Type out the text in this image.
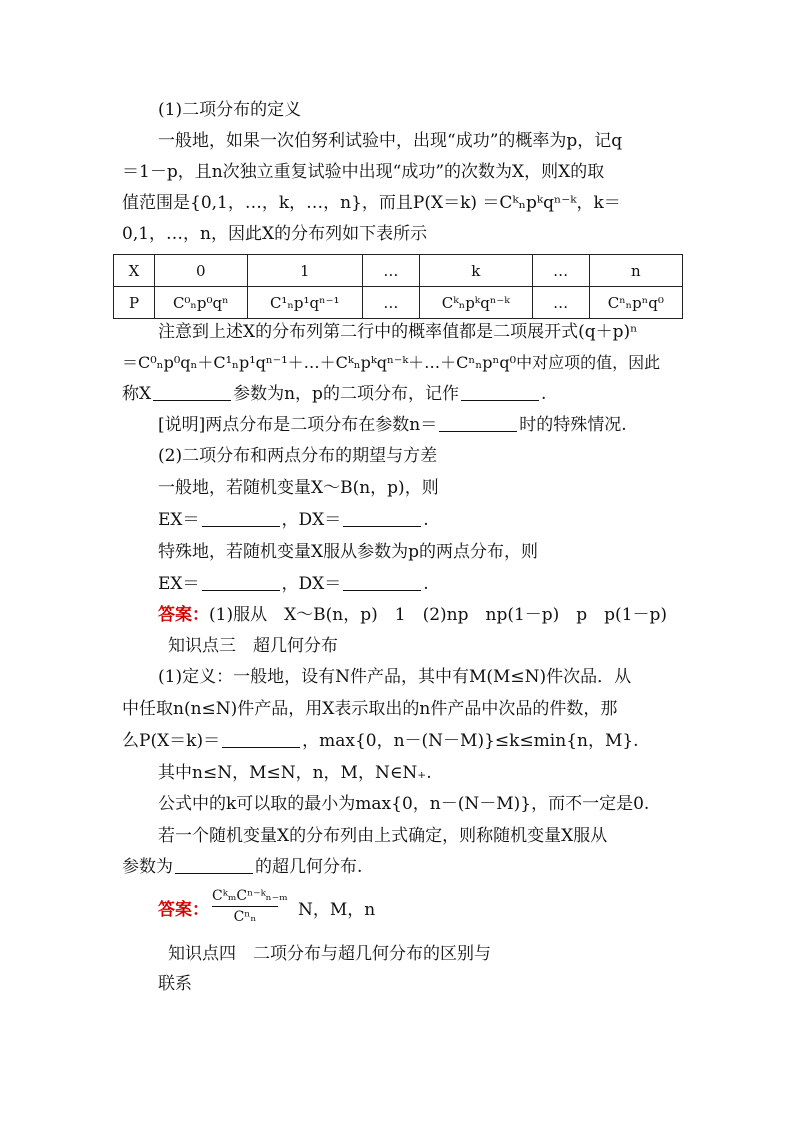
(1)二项分布的定义
一般地，如果一次伯努利试验中，出现“成功”的概率为p，记q
＝1－p，且n次独立重复试验中出现“成功”的次数为X，则X的取
值范围是{0,1，…，k，…，n}，而且P(X＝k) ＝Cᵏₙpᵏqⁿ⁻ᵏ，k＝
0,1，…，n，因此X的分布列如下表所示
X	0	1	…	k	…	n
P	C⁰ₙp⁰qⁿ	C¹ₙp¹qⁿ⁻¹	…	Cᵏₙpᵏqⁿ⁻ᵏ	…	Cⁿₙpⁿq⁰
注意到上述X的分布列第二行中的概率值都是二项展开式(q＋p)ⁿ
＝C⁰ₙp⁰qₙ＋C¹ₙp¹qⁿ⁻¹＋…＋Cᵏₙpᵏqⁿ⁻ᵏ＋…＋Cⁿₙpⁿq⁰中对应项的值，因此
称X	参数为n，p的二项分布，记作	.
[说明]两点分布是二项分布在参数n＝	时的特殊情况.
(2)二项分布和两点分布的期望与方差
一般地，若随机变量X～B(n，p)，则
EX＝	，DX＝	.
特殊地，若随机变量X服从参数为p的两点分布，则
EX＝	，DX＝	.
答案：(1)服从　X～B(n，p)　1　(2)np　np(1－p)　p　p(1－p)
知识点三　超几何分布
(1)定义：一般地，设有N件产品，其中有M(M≤N)件次品．从
中任取n(n≤N)件产品，用X表示取出的n件产品中次品的件数，那
么P(X＝k)＝	，max{0，n－(N－M)}≤k≤min{n，M}.
其中n≤N，M≤N，n，M，N∈N₊.
公式中的k可以取的最小为max{0，n－(N－M)}，而不一定是0.
若一个随机变量X的分布列由上式确定，则称随机变量X服从
参数为	的超几何分布.
答案：
CᵏₘCⁿ⁻ᵏₙ₋ₘ
Cⁿₙ	N，M，n
知识点四　二项分布与超几何分布的区别与
联系
